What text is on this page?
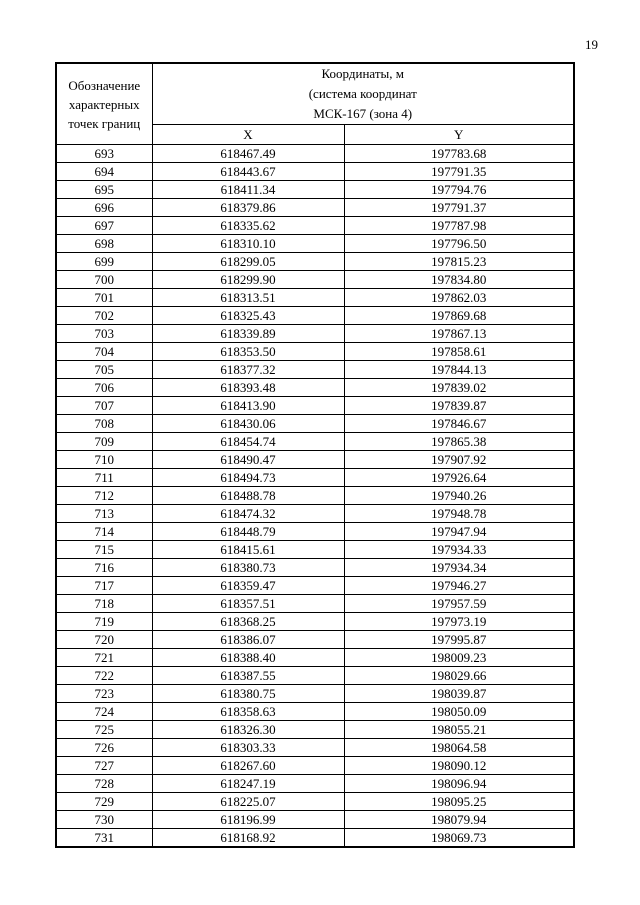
19
Обозначение характерных точек границ	Координаты, м
(система координат
МСК-167 (зона 4)	

	X	Y
693	618467.49	197783.68
694	618443.67	197791.35
695	618411.34	197794.76
696	618379.86	197791.37
697	618335.62	197787.98
698	618310.10	197796.50
699	618299.05	197815.23
700	618299.90	197834.80
701	618313.51	197862.03
702	618325.43	197869.68
703	618339.89	197867.13
704	618353.50	197858.61
705	618377.32	197844.13
706	618393.48	197839.02
707	618413.90	197839.87
708	618430.06	197846.67
709	618454.74	197865.38
710	618490.47	197907.92
711	618494.73	197926.64
712	618488.78	197940.26
713	618474.32	197948.78
714	618448.79	197947.94
715	618415.61	197934.33
716	618380.73	197934.34
717	618359.47	197946.27
718	618357.51	197957.59
719	618368.25	197973.19
720	618386.07	197995.87
721	618388.40	198009.23
722	618387.55	198029.66
723	618380.75	198039.87
724	618358.63	198050.09
725	618326.30	198055.21
726	618303.33	198064.58
727	618267.60	198090.12
728	618247.19	198096.94
729	618225.07	198095.25
730	618196.99	198079.94
731	618168.92	198069.73
